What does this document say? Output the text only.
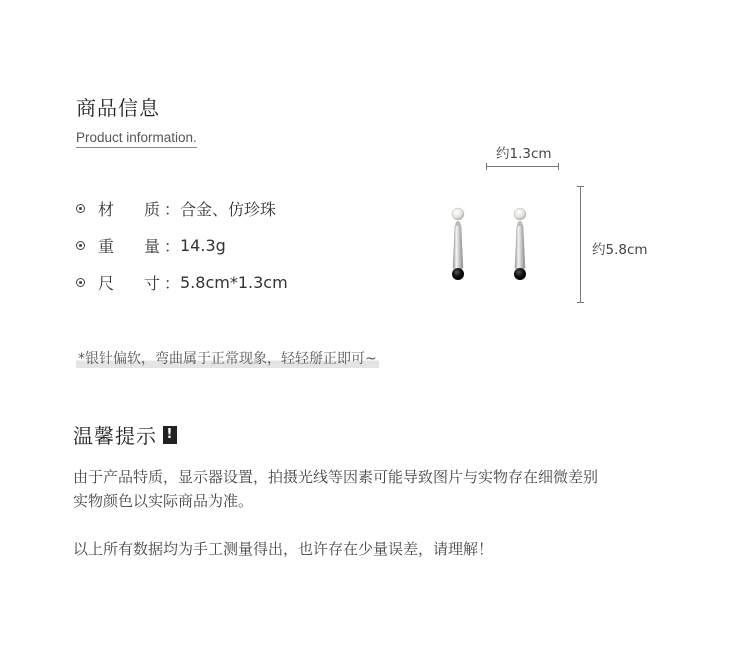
商品信息
Product information.
材	质 ： 合金、仿珍珠
重	量 ： 14.3g
尺	寸 ： 5.8cm*1.3cm
约1.3cm
约5.8cm
*银针偏软，弯曲属于正常现象，轻轻掰正即可~
温馨提示 !
由于产品特质，显示器设置，拍摄光线等因素可能导致图片与实物存在细微差别
实物颜色以实际商品为准。
以上所有数据均为手工测量得出，也许存在少量误差，请理解！
